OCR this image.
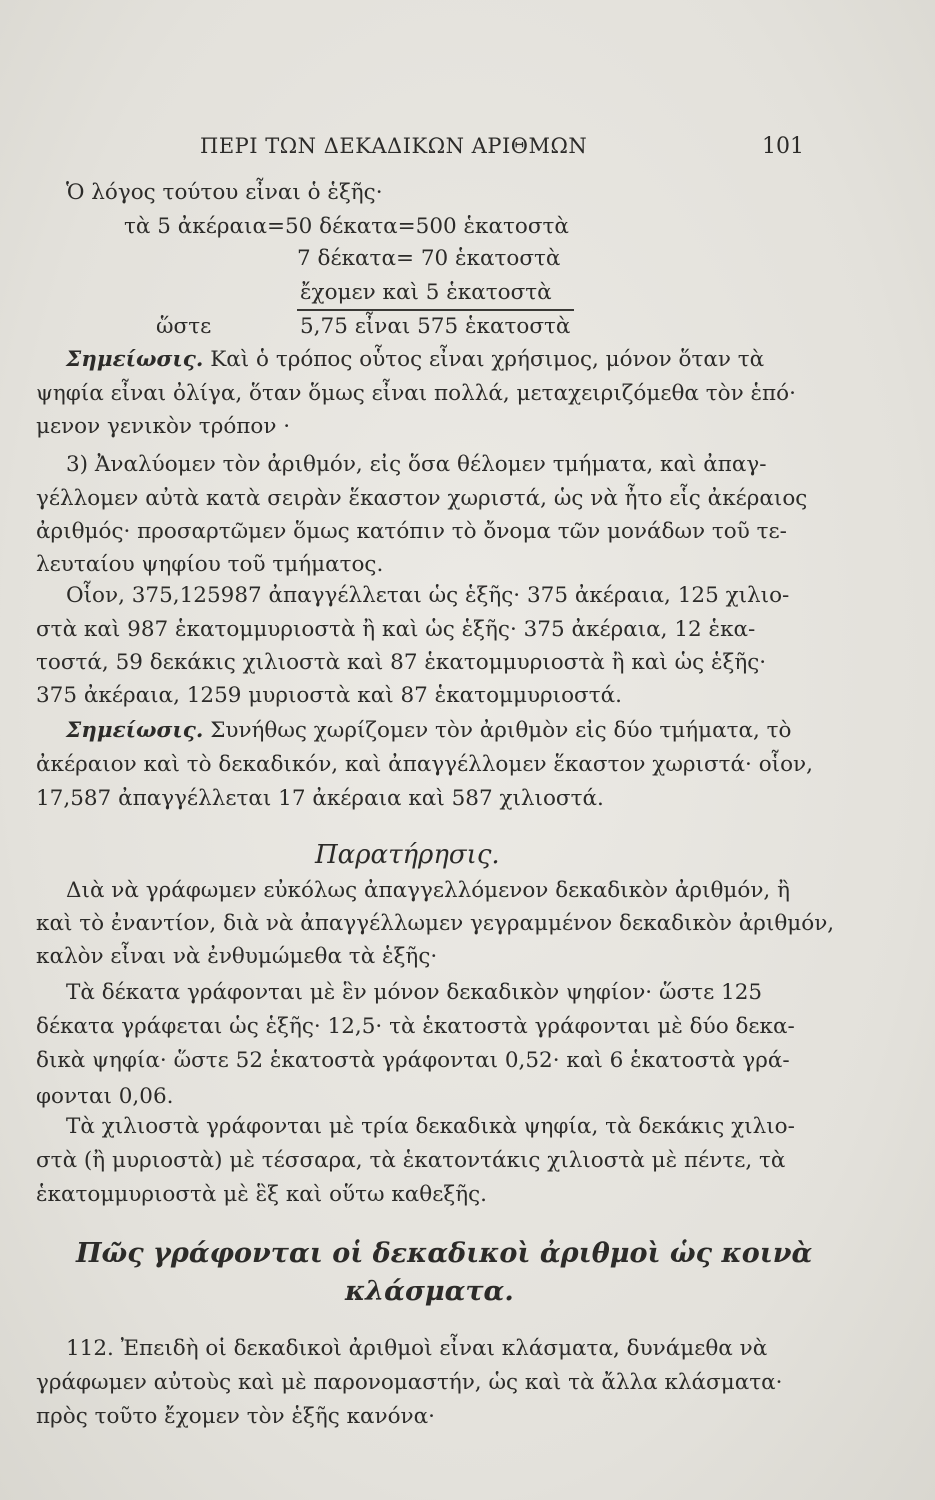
ΠΕΡΙ ΤΩΝ ΔΕΚΑΔΙΚΩΝ ΑΡΙΘΜΩΝ	101
Ὁ λόγος τούτου εἶναι ὁ ἑξῆς·
τὰ 5 ἀκέραια=50 δέκατα=500 ἑκατοστὰ
7 δέκατα= 70 ἑκατοστὰ
ἔχομεν καὶ 5 ἑκατοστὰ
ὥστε	5,75 εἶναι 575 ἑκατοστὰ
Σημείωσις. Καὶ ὁ τρόπος οὗτος εἶναι χρήσιμος, μόνον ὅταν τὰ
ψηφία εἶναι ὀλίγα, ὅταν ὅμως εἶναι πολλά, μεταχειριζόμεθα τὸν ἑπό·
μενον γενικὸν τρόπον ·
3) Ἀναλύομεν τὸν ἀριθμόν, εἰς ὅσα θέλομεν τμήματα, καὶ ἀπαγ-
γέλλομεν αὐτὰ κατὰ σειρὰν ἕκαστον χωριστά, ὡς νὰ ἦτο εἷς ἀκέραιος
ἀριθμός· προσαρτῶμεν ὅμως κατόπιν τὸ ὄνομα τῶν μονάδων τοῦ τε-
λευταίου ψηφίου τοῦ τμήματος.
Οἷον, 375,125987 ἀπαγγέλλεται ὡς ἑξῆς· 375 ἀκέραια, 125 χιλιο-
στὰ καὶ 987 ἑκατομμυριοστὰ ἢ καὶ ὡς ἑξῆς· 375 ἀκέραια, 12 ἑκα-
τοστά, 59 δεκάκις χιλιοστὰ καὶ 87 ἑκατομμυριοστὰ ἢ καὶ ὡς ἑξῆς·
375 ἀκέραια, 1259 μυριοστὰ καὶ 87 ἑκατομμυριοστά.
Σημείωσις. Συνήθως χωρίζομεν τὸν ἀριθμὸν εἰς δύο τμήματα, τὸ
ἀκέραιον καὶ τὸ δεκαδικόν, καὶ ἀπαγγέλλομεν ἕκαστον χωριστά· οἷον,
17,587 ἀπαγγέλλεται 17 ἀκέραια καὶ 587 χιλιοστά.
Παρατήρησις.
Διὰ νὰ γράφωμεν εὐκόλως ἀπαγγελλόμενον δεκαδικὸν ἀριθμόν, ἢ
καὶ τὸ ἐναντίον, διὰ νὰ ἀπαγγέλλωμεν γεγραμμένον δεκαδικὸν ἀριθμόν,
καλὸν εἶναι νὰ ἐνθυμώμεθα τὰ ἑξῆς·
Τὰ δέκατα γράφονται μὲ ἓν μόνον δεκαδικὸν ψηφίον· ὥστε 125
δέκατα γράφεται ὡς ἑξῆς· 12,5· τὰ ἑκατοστὰ γράφονται μὲ δύο δεκα-
δικὰ ψηφία· ὥστε 52 ἑκατοστὰ γράφονται 0,52· καὶ 6 ἑκατοστὰ γρά-
φονται 0,06.
Τὰ χιλιοστὰ γράφονται μὲ τρία δεκαδικὰ ψηφία, τὰ δεκάκις χιλιο-
στὰ (ἢ μυριοστὰ) μὲ τέσσαρα, τὰ ἑκατοντάκις χιλιοστὰ μὲ πέντε, τὰ
ἑκατομμυριοστὰ μὲ ἓξ καὶ οὕτω καθεξῆς.
Πῶς γράφονται οἱ δεκαδικοὶ ἀριθμοὶ ὡς κοινὰ
κλάσματα.
112. Ἐπειδὴ οἱ δεκαδικοὶ ἀριθμοὶ εἶναι κλάσματα, δυνάμεθα νὰ
γράφωμεν αὐτοὺς καὶ μὲ παρονομαστήν, ὡς καὶ τὰ ἄλλα κλάσματα·
πρὸς τοῦτο ἔχομεν τὸν ἑξῆς κανόνα·
